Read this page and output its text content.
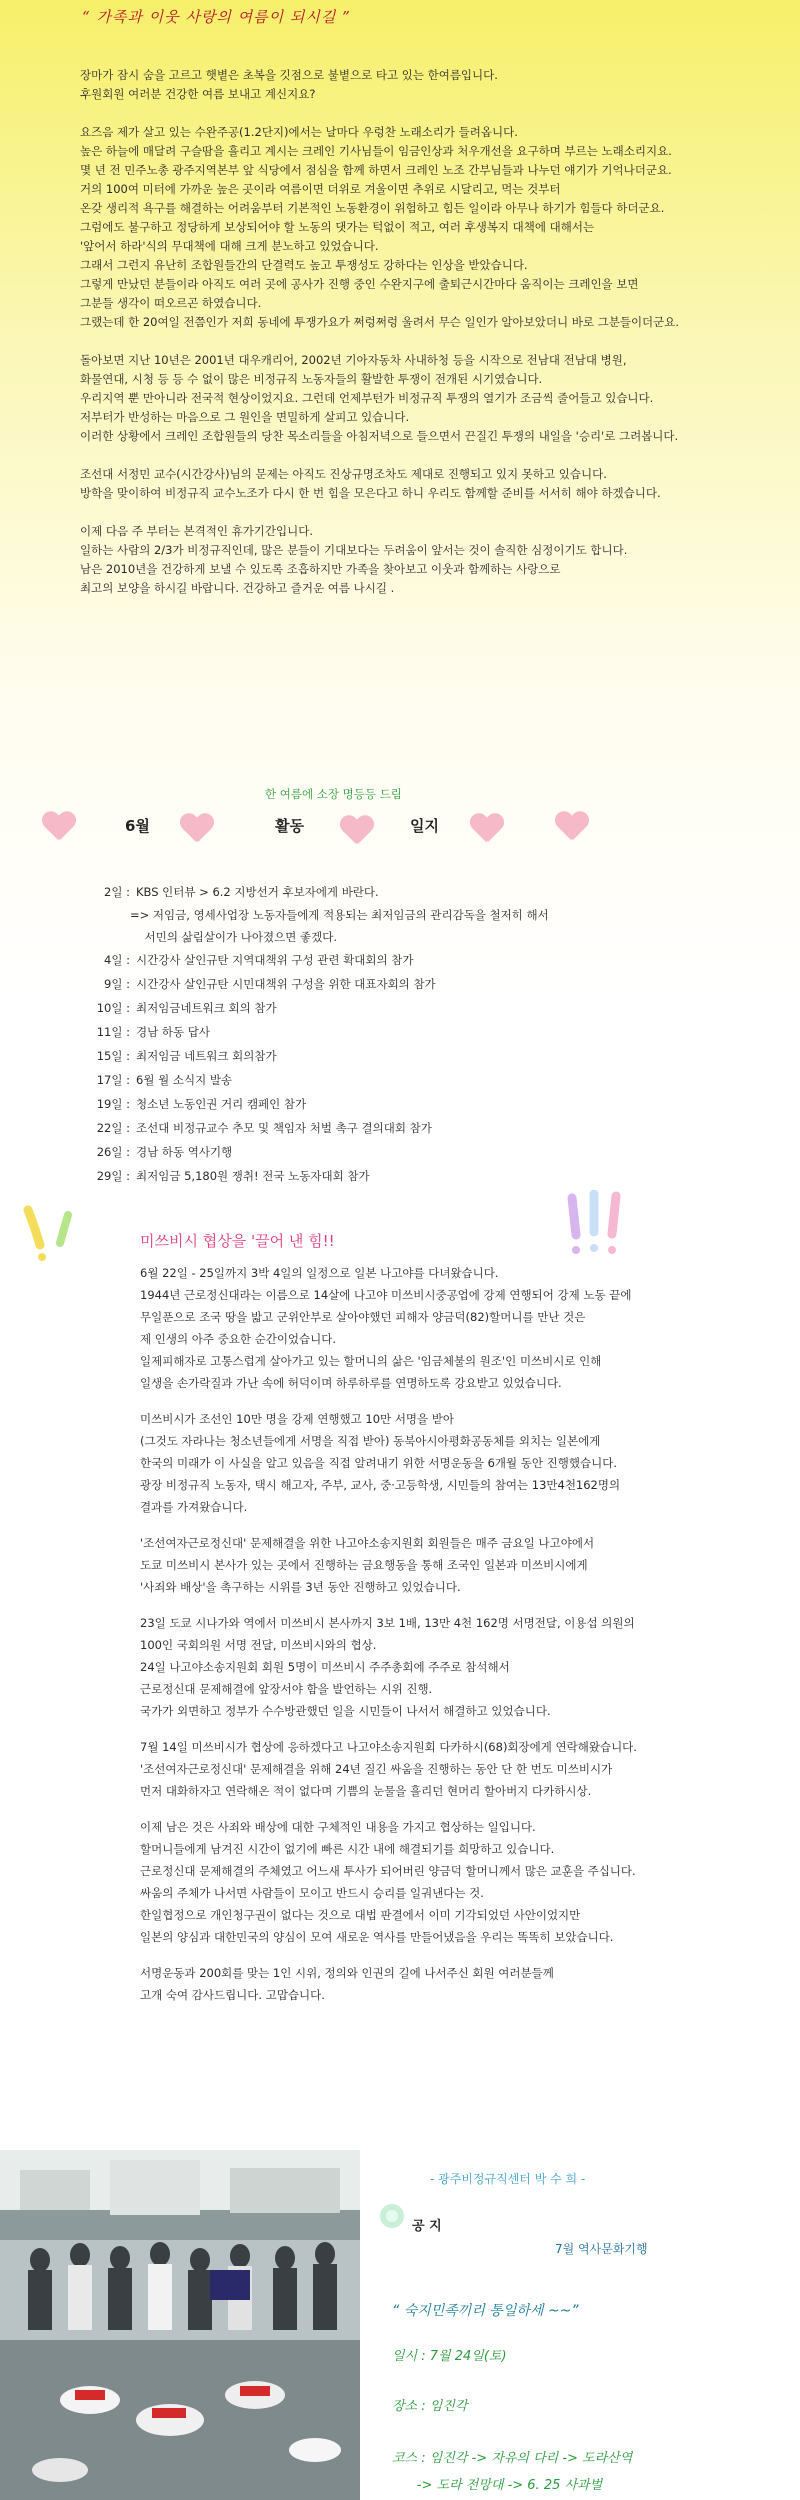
“ 가족과 이웃 사랑의 여름이 되시길 ”

장마가 잠시 숨을 고르고 햇볕은 초복을 깃점으로 불볕으로 타고 있는 한여름입니다.

후원회원 여러분 건강한 여름 보내고 계신지요?

요즈음 제가 살고 있는 수완주공(1.2단지)에서는 날마다 우렁찬 노래소리가 들려옵니다.

높은 하늘에 매달려 구슬땀을 흘리고 계시는 크레인 기사님들이 임금인상과 처우개선을 요구하며 부르는 노래소리지요.

몇 년 전 민주노총 광주지역본부 앞 식당에서 점심을 함께 하면서 크레인 노조 간부님들과 나누던 얘기가 기억나더군요.

거의 100여 미터에 가까운 높은 곳이라 여름이면 더위로 겨울이면 추위로 시달리고, 먹는 것부터

온갖 생리적 욕구를 해결하는 어려움부터 기본적인 노동환경이 위험하고 힘든 일이라 아무나 하기가 힘들다 하더군요.

그럼에도 불구하고 정당하게 보상되어야 할 노동의 댓가는 턱없이 적고, 여러 후생복지 대책에 대해서는

'앞어서 하라'식의 무대책에 대해 크게 분노하고 있었습니다.

그래서 그런지 유난히 조합원들간의 단결력도 높고 투쟁성도 강하다는 인상을 받았습니다.

그렇게 만났던 분들이라 아직도 여러 곳에 공사가 진행 중인 수완지구에 출퇴근시간마다 움직이는 크레인을 보면

그분들 생각이 떠오르곤 하였습니다.

그랬는데 한 20여일 전쯤인가 저희 동네에 투쟁가요가 쩌렁쩌렁 울려서 무슨 일인가 알아보았더니 바로 그분들이더군요.

돌아보면 지난 10년은 2001년 대우캐리어, 2002년 기아자동차 사내하청 등을 시작으로 전남대 전남대 병원,

화물연대, 시청 등 등 수 없이 많은 비정규직 노동자들의 활발한 투쟁이 전개된 시기였습니다.

우리지역 뿐 만아니라 전국적 현상이었지요. 그런데 언제부턴가 비정규직 투쟁의 열기가 조금씩 줄어들고 있습니다.

저부터가 반성하는 마음으로 그 원인을 면밀하게 살피고 있습니다.

이러한 상황에서 크레인 조합원들의 당찬 목소리들을 아침저녁으로 들으면서 끈질긴 투쟁의 내일을 '승리'로 그려봅니다.

조선대 서정민 교수(시간강사)님의 문제는 아직도 진상규명조차도 제대로 진행되고 있지 못하고 있습니다.

방학을 맞이하여 비정규직 교수노조가 다시 한 번 힘을 모은다고 하니 우리도 함께할 준비를 서서히 해야 하겠습니다.

이제 다음 주 부터는 본격적인 휴가기간입니다.

일하는 사람의 2/3가 비정규직인데, 많은 분들이 기대보다는 두려움이 앞서는 것이 솔직한 심정이기도 합니다.

남은 2010년을 건강하게 보낼 수 있도록 조흡하지만 가족을 찾아보고 이웃과 함께하는 사랑으로

최고의 보양을 하시길 바랍니다. 건강하고 즐거운 여름 나시길 .

한 여름에 소장 명등등 드림
6월	활동	일지
2일 : KBS 인터뷰 > 6.2 지방선거 후보자에게 바란다.
=> 저임금, 영세사업장 노동자들에게 적용되는 최저임금의 관리감독을 철저히 해서
서민의 삶림살이가 나아졌으면 좋겠다.
4일 : 시간강사 살인규탄 지역대책위 구성 관련 확대회의 참가
9일 : 시간강사 살인규탄 시민대책위 구성을 위한 대표자회의 참가
10일 : 최저임금네트워크 회의 참가
11일 : 경남 하동 답사
15일 : 최저임금 네트워크 회의참가
17일 : 6월 월 소식지 발송
19일 : 청소년 노동인권 거리 캠페인 참가
22일 : 조선대 비정규교수 추모 및 책임자 처벌 촉구 결의대회 참가
26일 : 경남 하동 역사기행
29일 : 최저임금 5,180원 쟁취! 전국 노동자대회 참가
미쓰비시 협상을 '끌어 낸 힘!!

6월 22일 - 25일까지 3박 4일의 일정으로 일본 나고야를 다녀왔습니다.

1944년 근로정신대라는 이름으로 14살에 나고야 미쓰비시중공업에 강제 연행되어 강제 노동 끝에

무일푼으로 조국 땅을 밟고 군위안부로 살아야했던 피해자 양금덕(82)할머니를 만난 것은

제 인생의 아주 중요한 순간이었습니다.

일제피해자로 고통스럽게 살아가고 있는 할머니의 삶은 '임금체불의 원조'인 미쓰비시로 인해

일생을 손가락질과 가난 속에 허덕이며 하루하루를 연명하도록 강요받고 있었습니다.

미쓰비시가 조선인 10만 명을 강제 연행했고 10만 서명을 받아

(그것도 자라나는 청소년들에게 서명을 직접 받아) 동북아시아평화공동체를 외치는 일본에게

한국의 미래가 이 사실을 알고 있음을 직접 알려내기 위한 서명운동을 6개월 동안 진행했습니다.

광장 비정규직 노동자, 택시 해고자, 주부, 교사, 중·고등학생, 시민들의 참여는 13만4천162명의

결과를 가져왔습니다.

'조선여자근로정신대' 문제해결을 위한 나고야소송지원회 회원들은 매주 금요일 나고야에서

도쿄 미쓰비시 본사가 있는 곳에서 진행하는 금요행동을 통해 조국인 일본과 미쓰비시에게

'사죄와 배상'을 촉구하는 시위를 3년 동안 진행하고 있었습니다.

23일 도쿄 시나가와 역에서 미쓰비시 본사까지 3보 1배, 13만 4천 162명 서명전달, 이용섭 의원의

100인 국회의원 서명 전달, 미쓰비시와의 협상.

24일 나고야소송지원회 회원 5명이 미쓰비시 주주총회에 주주로 참석해서

근로정신대 문제해결에 앞장서야 함을 발언하는 시위 진행.

국가가 외면하고 정부가 수수방관했던 일을 시민들이 나서서 해결하고 있었습니다.

7월 14일 미쓰비시가 협상에 응하겠다고 나고야소송지원회 다카하시(68)회장에게 연락해왔습니다.

'조선여자근로정신대' 문제해결을 위해 24년 질긴 싸움을 진행하는 동안 단 한 번도 미쓰비시가

먼저 대화하자고 연락해온 적이 없다며 기쁨의 눈물을 흘리던 현머리 할아버지 다카하시상.

이제 남은 것은 사죄와 배상에 대한 구체적인 내용을 가지고 협상하는 일입니다.

할머니들에게 남겨진 시간이 없기에 빠른 시간 내에 해결되기를 희망하고 있습니다.

근로정신대 문제해결의 주체였고 어느새 투사가 되어버린 양금덕 할머니께서 많은 교훈을 주십니다.

싸움의 주체가 나서면 사람들이 모이고 반드시 승리를 일궈낸다는 것.

한일협정으로 개인청구권이 없다는 것으로 대법 판결에서 이미 기각되었던 사안이었지만

일본의 양심과 대한민국의 양심이 모여 새로운 역사를 만들어냈음을 우리는 똑똑히 보았습니다.

서명운동과 200회를 맞는 1인 시위, 정의와 인권의 길에 나서주신 회원 여러분들께

고개 숙여 감사드립니다. 고맙습니다.

- 광주비정규직센터 박 수 희 -
공 지
7월 역사문화기행
“ 숙지민족끼리 통일하세 ~~”
일시 : 7월 24일(토)
장소 : 임진각
코스 : 임진각 -> 자유의 다리 -> 도라산역
-> 도라 전망대 -> 6. 25 사과벌
